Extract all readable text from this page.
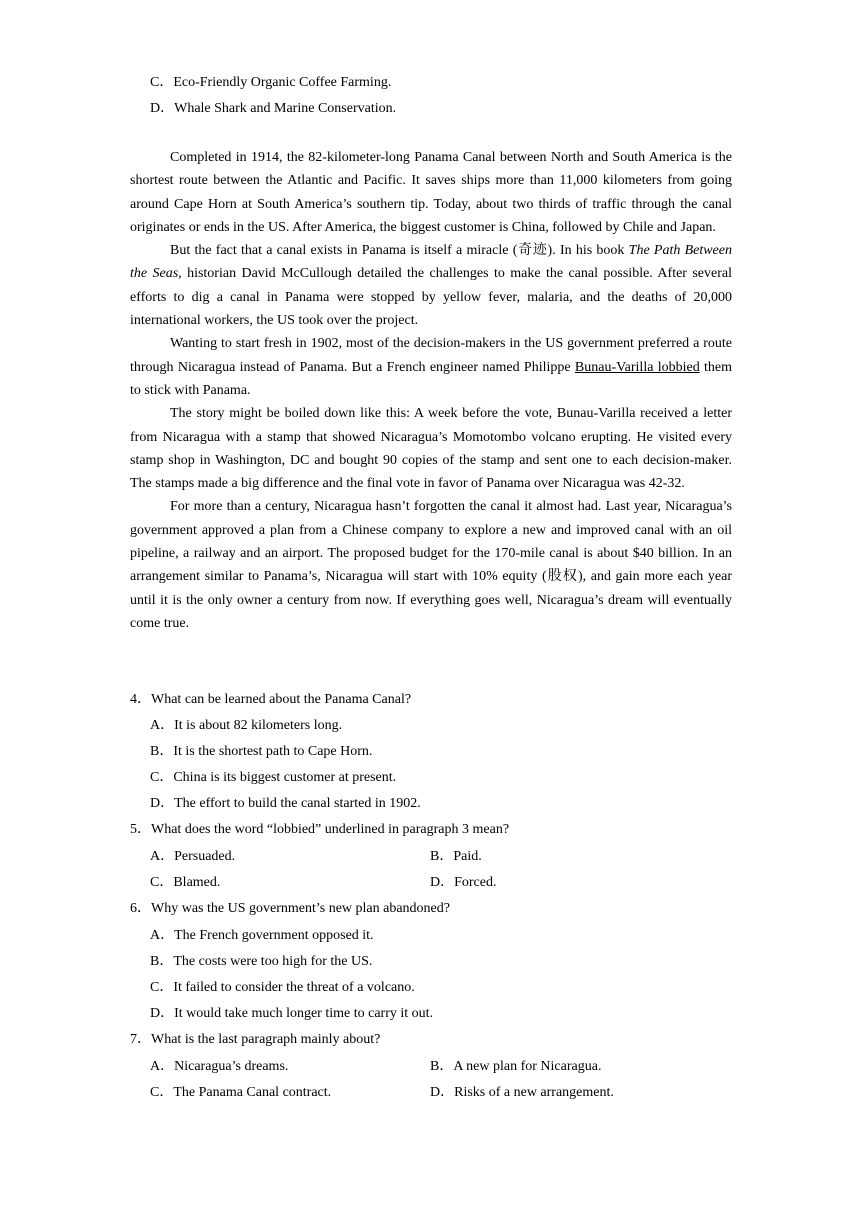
C．Eco-Friendly Organic Coffee Farming.
D．Whale Shark and Marine Conservation.

Completed in 1914, the 82-kilometer-long Panama Canal between North and South America is the shortest route between the Atlantic and Pacific. It saves ships more than 11,000 kilometers from going around Cape Horn at South America’s southern tip. Today, about two thirds of traffic through the canal originates or ends in the US. After America, the biggest customer is China, followed by Chile and Japan.

But the fact that a canal exists in Panama is itself a miracle (奇迹). In his book The Path Between the Seas, historian David McCullough detailed the challenges to make the canal possible. After several efforts to dig a canal in Panama were stopped by yellow fever, malaria, and the deaths of 20,000 international workers, the US took over the project.

Wanting to start fresh in 1902, most of the decision-makers in the US government preferred a route through Nicaragua instead of Panama. But a French engineer named Philippe Bunau-Varilla lobbied them to stick with Panama.

The story might be boiled down like this: A week before the vote, Bunau-Varilla received a letter from Nicaragua with a stamp that showed Nicaragua’s Momotombo volcano erupting. He visited every stamp shop in Washington, DC and bought 90 copies of the stamp and sent one to each decision-maker. The stamps made a big difference and the final vote in favor of Panama over Nicaragua was 42-32.

For more than a century, Nicaragua hasn’t forgotten the canal it almost had. Last year, Nicaragua’s government approved a plan from a Chinese company to explore a new and improved canal with an oil pipeline, a railway and an airport. The proposed budget for the 170-mile canal is about $40 billion. In an arrangement similar to Panama’s, Nicaragua will start with 10% equity (股权), and gain more each year until it is the only owner a century from now. If everything goes well, Nicaragua’s dream will eventually come true.

4．What can be learned about the Panama Canal?
A．It is about 82 kilometers long.
B．It is the shortest path to Cape Horn.
C．China is its biggest customer at present.
D．The effort to build the canal started in 1902.
5．What does the word “lobbied” underlined in paragraph 3 mean?
A．Persuaded.	B．Paid.
C．Blamed.	D．Forced.
6．Why was the US government’s new plan abandoned?
A．The French government opposed it.
B．The costs were too high for the US.
C．It failed to consider the threat of a volcano.
D．It would take much longer time to carry it out.
7．What is the last paragraph mainly about?
A．Nicaragua’s dreams.	B．A new plan for Nicaragua.
C．The Panama Canal contract.	D．Risks of a new arrangement.
